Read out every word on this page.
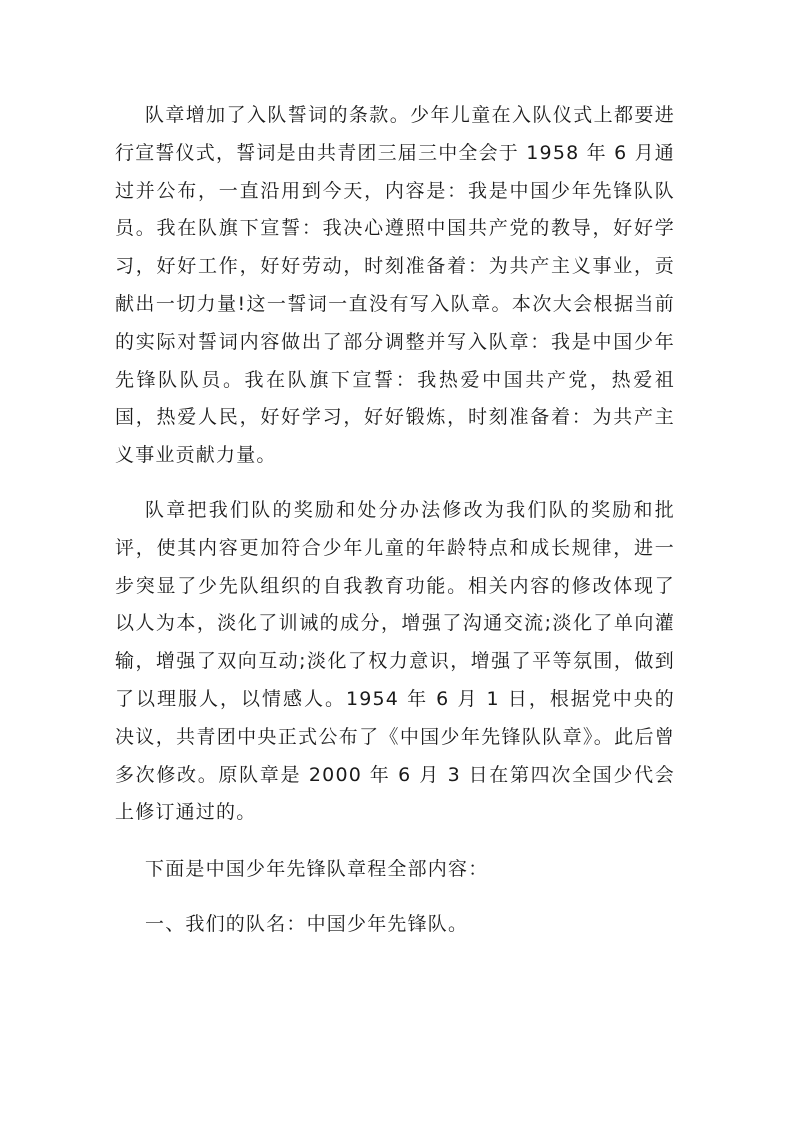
队章增加了入队誓词的条款。少年儿童在入队仪式上都要进行宣誓仪式，誓词是由共青团三届三中全会于 1958 年 6 月通过并公布，一直沿用到今天，内容是：我是中国少年先锋队队员。我在队旗下宣誓：我决心遵照中国共产党的教导，好好学习，好好工作，好好劳动，时刻准备着：为共产主义事业，贡献出一切力量!这一誓词一直没有写入队章。本次大会根据当前的实际对誓词内容做出了部分调整并写入队章：我是中国少年先锋队队员。我在队旗下宣誓：我热爱中国共产党，热爱祖国，热爱人民，好好学习，好好锻炼，时刻准备着：为共产主义事业贡献力量。

队章把我们队的奖励和处分办法修改为我们队的奖励和批评，使其内容更加符合少年儿童的年龄特点和成长规律，进一步突显了少先队组织的自我教育功能。相关内容的修改体现了以人为本，淡化了训诫的成分，增强了沟通交流;淡化了单向灌输，增强了双向互动;淡化了权力意识，增强了平等氛围，做到了以理服人，以情感人。1954 年 6 月 1 日，根据党中央的决议，共青团中央正式公布了《中国少年先锋队队章》。此后曾多次修改。原队章是 2000 年 6 月 3 日在第四次全国少代会上修订通过的。

下面是中国少年先锋队章程全部内容：

一、我们的队名：中国少年先锋队。
